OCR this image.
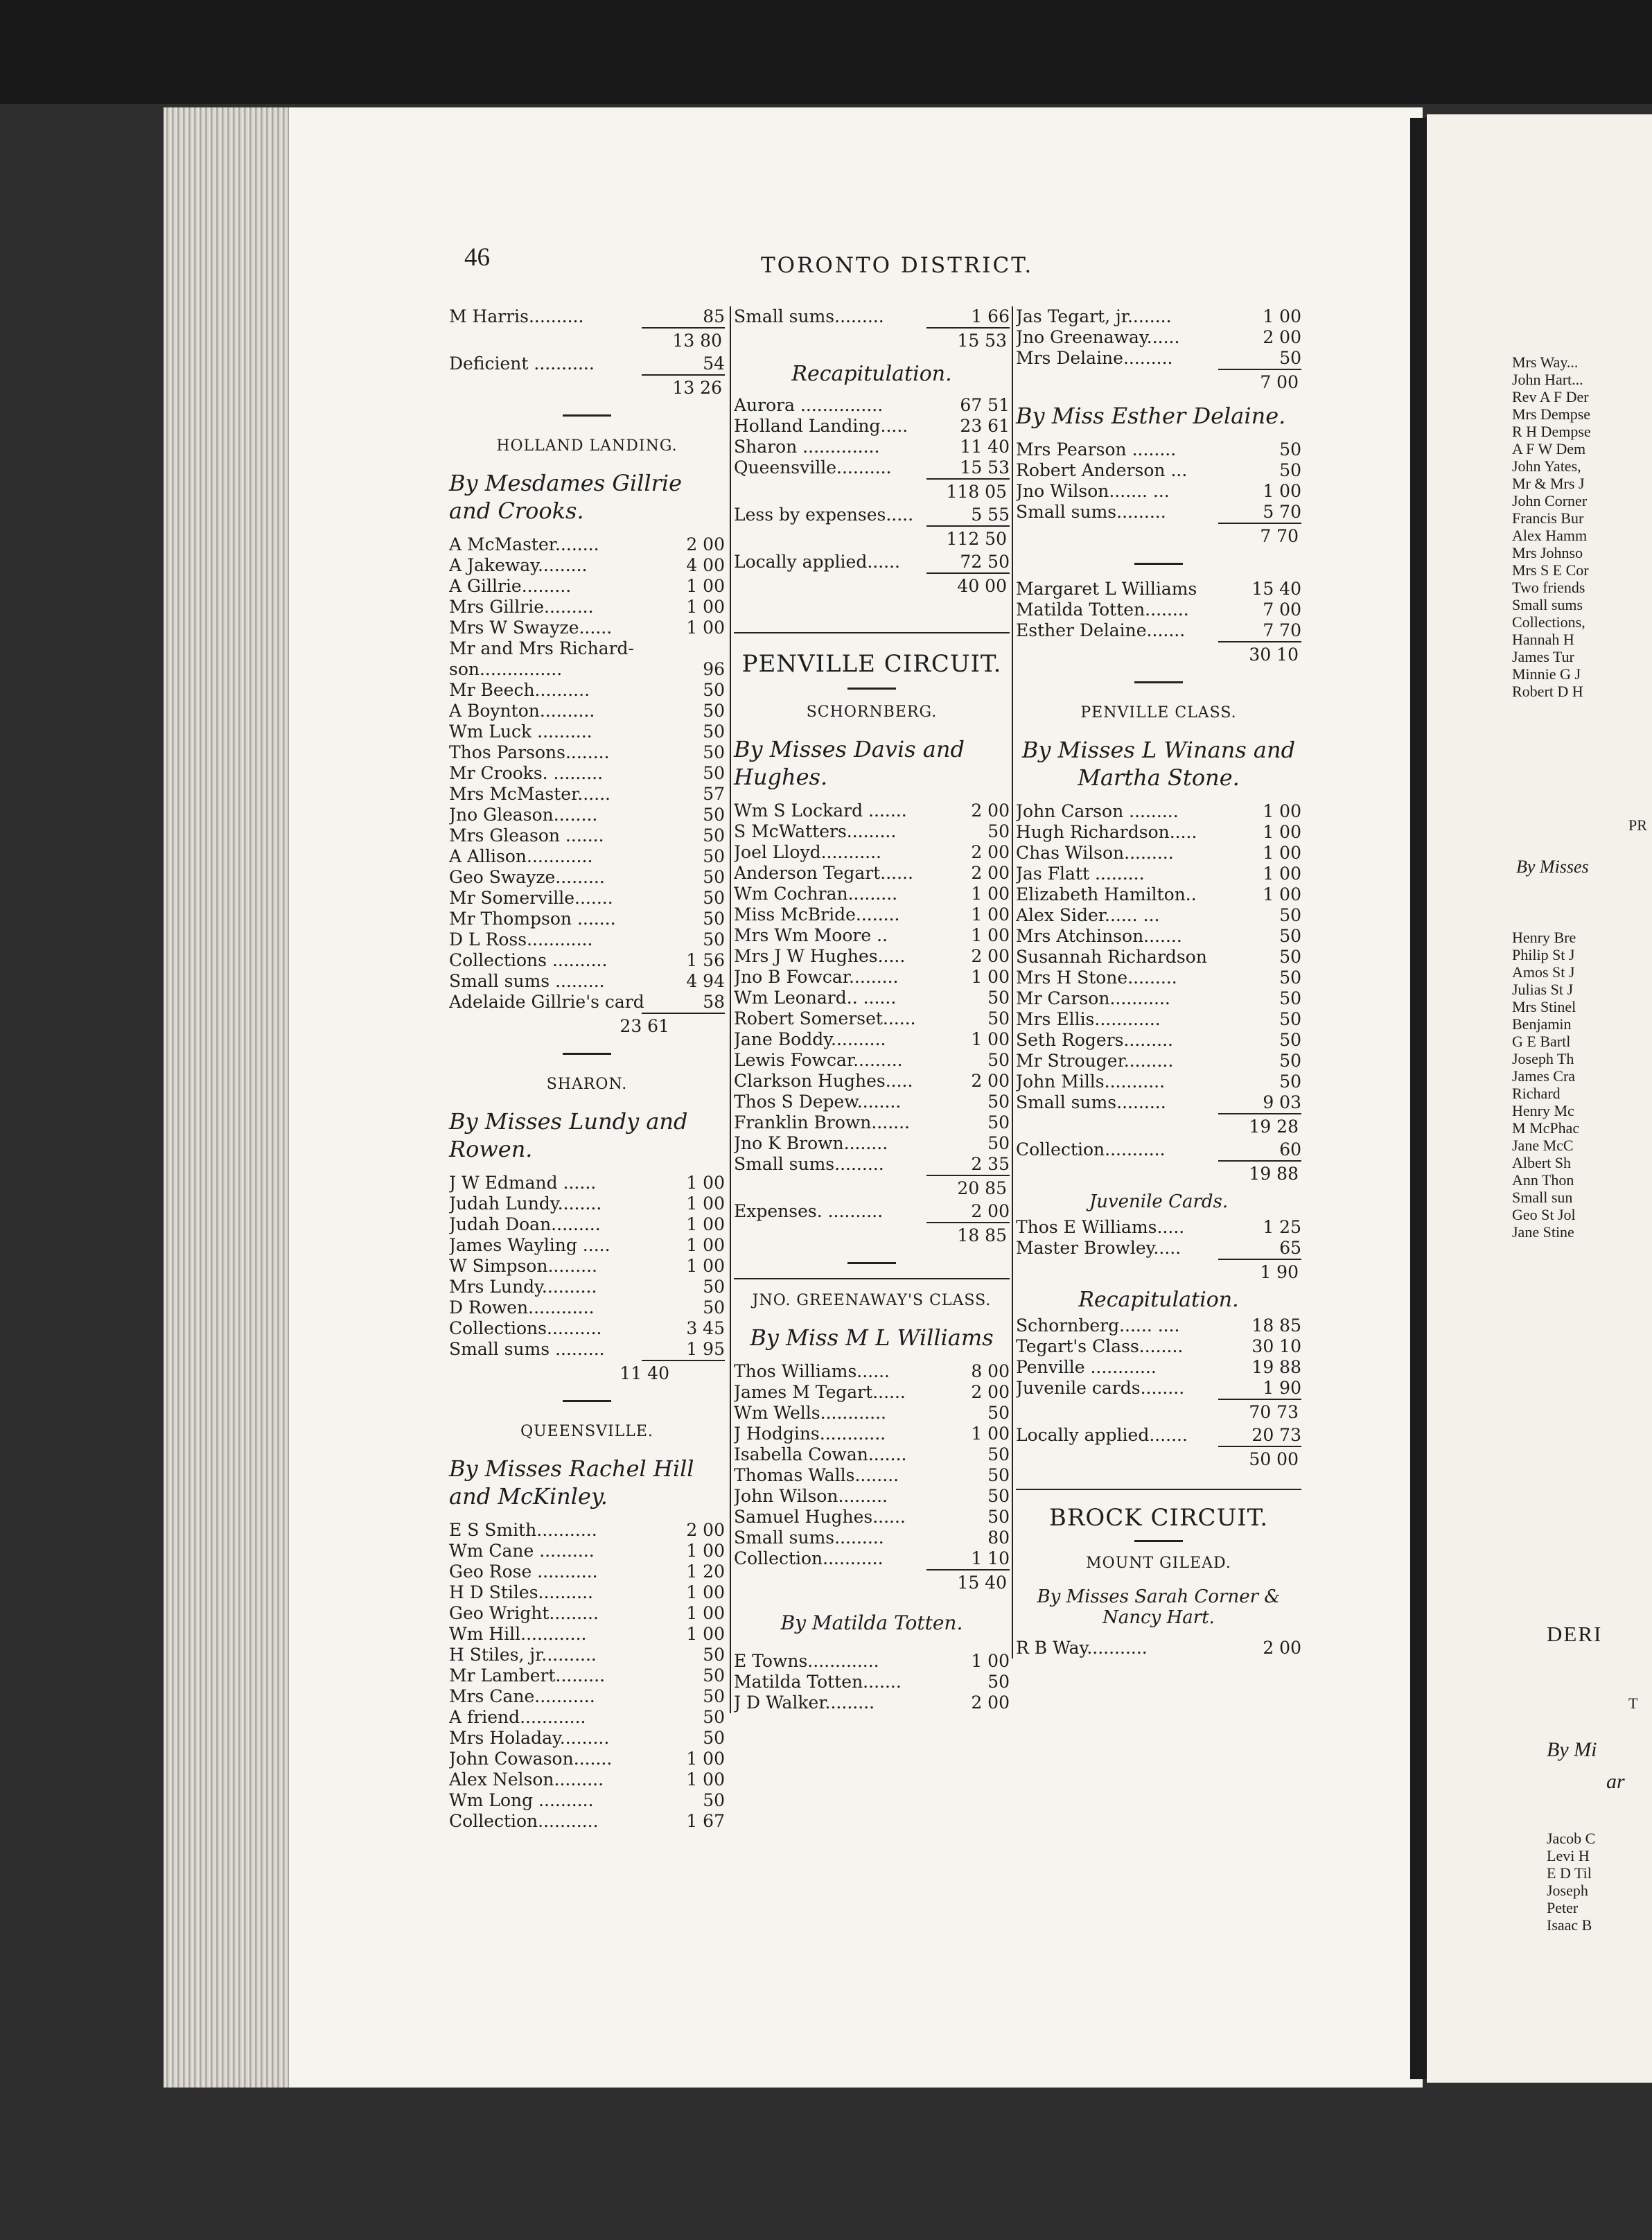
46	TORONTO DISTRICT.
M Harris..........	85
13 80
Deficient ...........	54
13 26
HOLLAND LANDING.
By Mesdames Gillrie and Crooks.
A McMaster........	2 00
A Jakeway.........	4 00
A Gillrie.........	1 00
Mrs Gillrie.........	1 00
Mrs W Swayze......	1 00
Mr and Mrs Richard-
son...............	96
Mr Beech..........	50
A Boynton..........	50
Wm Luck ..........	50
Thos Parsons........	50
Mr Crooks. .........	50
Mrs McMaster......	57
Jno Gleason........	50
Mrs Gleason .......	50
A Allison............	50
Geo Swayze.........	50
Mr Somerville.......	50
Mr Thompson .......	50
D L Ross............	50
Collections ..........	1 56
Small sums .........	4 94
Adelaide Gillrie's card	58
23 61
SHARON.
By Misses Lundy and Rowen.
J W Edmand ......	1 00
Judah Lundy........	1 00
Judah Doan.........	1 00
James Wayling .....	1 00
W Simpson.........	1 00
Mrs Lundy..........	50
D Rowen............	50
Collections..........	3 45
Small sums .........	1 95
11 40
QUEENSVILLE.
By Misses Rachel Hill and McKinley.
E S Smith...........	2 00
Wm Cane ..........	1 00
Geo Rose ...........	1 20
H D Stiles..........	1 00
Geo Wright.........	1 00
Wm Hill............	1 00
H Stiles, jr..........	50
Mr Lambert.........	50
Mrs Cane...........	50
A friend............	50
Mrs Holaday.........	50
John Cowason.......	1 00
Alex Nelson.........	1 00
Wm Long ..........	50
Collection...........	1 67
Small sums.........	1 66
15 53
Recapitulation.
Aurora ...............	67 51
Holland Landing.....	23 61
Sharon ..............	11 40
Queensville..........	15 53
118 05
Less by expenses.....	5 55
112 50
Locally applied......	72 50
40 00
PENVILLE CIRCUIT.
SCHORNBERG.
By Misses Davis and Hughes.
Wm S Lockard .......	2 00
S McWatters.........	50
Joel Lloyd...........	2 00
Anderson Tegart......	2 00
Wm Cochran.........	1 00
Miss McBride........	1 00
Mrs Wm Moore ..	1 00
Mrs J W Hughes.....	2 00
Jno B Fowcar.........	1 00
Wm Leonard.. ......	50
Robert Somerset......	50
Jane Boddy..........	1 00
Lewis Fowcar.........	50
Clarkson Hughes.....	2 00
Thos S Depew........	50
Franklin Brown.......	50
Jno K Brown........	50
Small sums.........	2 35
20 85
Expenses. ..........	2 00
18 85
JNO. GREENAWAY'S CLASS.
By Miss M L Williams
Thos Williams......	8 00
James M Tegart......	2 00
Wm Wells............	50
J Hodgins............	1 00
Isabella Cowan.......	50
Thomas Walls........	50
John Wilson.........	50
Samuel Hughes......	50
Small sums.........	80
Collection...........	1 10
15 40
By Matilda Totten.
E Towns.............	1 00
Matilda Totten.......	50
J D Walker.........	2 00
Jas Tegart, jr........	1 00
Jno Greenaway......	2 00
Mrs Delaine.........	50
7 00
By Miss Esther Delaine.
Mrs Pearson ........	50
Robert Anderson ...	50
Jno Wilson....... ...	1 00
Small sums.........	5 70
7 70
Margaret L Williams	15 40
Matilda Totten........	7 00
Esther Delaine.......	7 70
30 10
PENVILLE CLASS.
By Misses L Winans and Martha Stone.
John Carson .........	1 00
Hugh Richardson.....	1 00
Chas Wilson.........	1 00
Jas Flatt .........	1 00
Elizabeth Hamilton..	1 00
Alex Sider...... ...	50
Mrs Atchinson.......	50
Susannah Richardson	50
Mrs H Stone.........	50
Mr Carson...........	50
Mrs Ellis............	50
Seth Rogers.........	50
Mr Strouger.........	50
John Mills...........	50
Small sums.........	9 03
19 28
Collection...........	60
19 88
Juvenile Cards.
Thos E Williams.....	1 25
Master Browley.....	65
1 90
Recapitulation.
Schornberg...... ....	18 85
Tegart's Class........	30 10
Penville ............	19 88
Juvenile cards........	1 90
70 73
Locally applied.......	20 73
50 00
BROCK CIRCUIT.
MOUNT GILEAD.
By Misses Sarah Corner & Nancy Hart.
R B Way...........	2 00
Mrs Way...
John Hart...
Rev A F Der
Mrs Dempse
R H Dempse
A F W Dem
John Yates,
Mr & Mrs J
John Corner
Francis Bur
Alex Hamm
Mrs Johnso
Mrs S E Cor
Two friends
Small sums
Collections,
Hannah H
James Tur
Minnie G J
Robert D H
PR
By Misses
Henry Bre
Philip St J
Amos St J
Julias St J
Mrs Stinel
Benjamin
G E Bartl
Joseph Th
James Cra
Richard
Henry Mc
M McPhac
Jane McC
Albert Sh
Ann Thon
Small sun
Geo St Jol
Jane Stine
DERI
T
By Mi
ar
Jacob C
Levi H
E D Til
Joseph
Peter
Isaac B
